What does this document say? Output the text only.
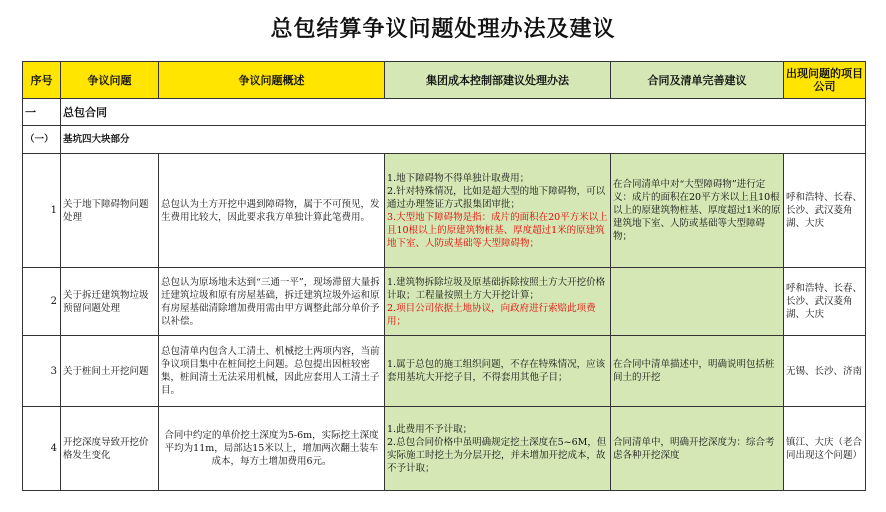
总包结算争议问题处理办法及建议
序号	争议问题	争议问题概述	集团成本控制部建议处理办法	合同及清单完善建议	出现问题的项目公司
一	总包合同				
（一）	基坑四大块部分				
1	关于地下障碍物问题处理	总包认为土方开挖中遇到障碍物，属于不可预见，发生费用比较大，因此要求我方单独计算此笔费用。	1.地下障碍物不得单独计取费用；
2.针对特殊情况，比如是超大型的地下障碍物，可以通过办理签证方式报集团审批；
3.大型地下障碍物是指：成片的面积在20平方米以上且10根以上的原建筑物桩基、厚度超过1米的原建筑地下室、人防或基础等大型障碍物；	在合同清单中对“大型障碍物”进行定义：成片的面积在20平方米以上且10根以上的原建筑物桩基、厚度超过1米的原建筑地下室、人防或基础等大型障碍物；	呼和浩特、长春、长沙、武汉菱角湖、大庆
2	关于拆迁建筑物垃圾预留问题处理	总包认为原场地未达到“三通一平”，现场滞留大量拆迁建筑垃圾和原有房屋基础，拆迁建筑垃圾外运和原有房屋基础清除增加费用需由甲方调整此部分单价予以补偿。	1.建筑物拆除垃圾及原基础拆除按照土方大开挖价格计取；工程量按照土方大开挖计算；
2.项目公司依据土地协议，向政府进行索赔此项费用；		呼和浩特、长春、长沙、武汉菱角湖、大庆
3	关于桩间土开挖问题	总包清单内包含人工清土、机械挖土两项内容，当前争议项目集中在桩间挖土问题。总包提出因桩较密集，桩间清土无法采用机械，因此应套用人工清土子目。	1.属于总包的施工组织问题，不存在特殊情况，应该套用基坑大开挖子目，不得套用其他子目；	在合同中清单描述中，明确说明包括桩间土的开挖	无锡、长沙、济南
4	开挖深度导致开挖价格发生变化	合同中约定的单价挖土深度为5-6m，实际挖土深度平均为11m，局部达15米以上，增加两次翻土装车成本，每方土增加费用6元。	1.此费用不予计取；
2.总包合同价格中虽明确规定挖土深度在5~6M，但实际施工时挖土为分层开挖，并未增加开挖成本，故不予计取；	合同清单中，明确开挖深度为：综合考虑各种开挖深度	镇江、大庆（老合同出现这个问题）
